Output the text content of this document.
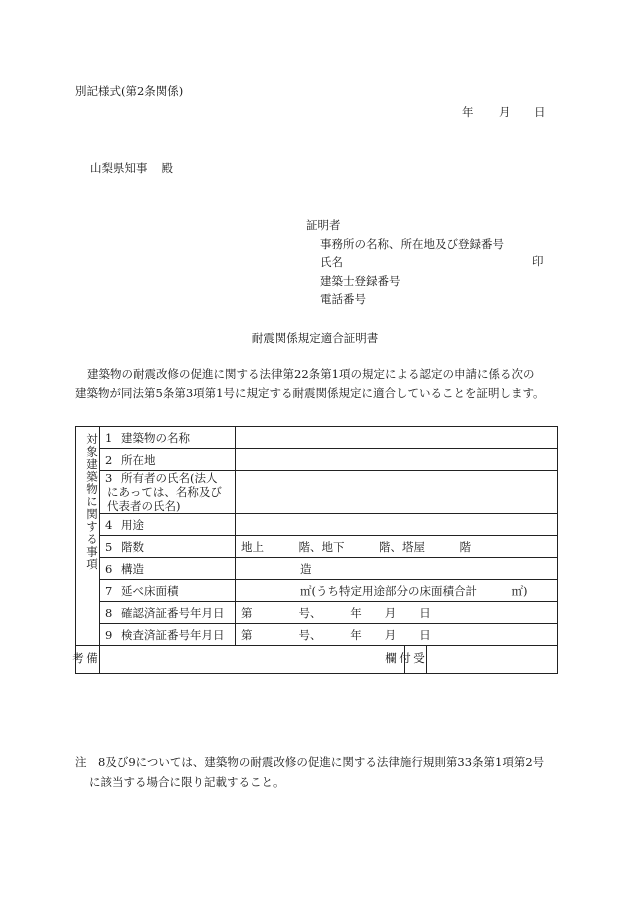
別記様式(第2条関係)
年 月 日
山梨県知事 殿
証明者
事務所の名称、所在地及び登録番号
氏名
建築士登録番号
電話番号
印
耐震関係規定適合証明書
建築物の耐震改修の促進に関する法律第22条第1項の規定による認定の申請に係る次の
建築物が同法第5条第3項第1号に規定する耐震関係規定に適合していることを証明します。
対象建築物に関する事項	1 建築物の名称			

	2 所在地			

	3 所有者の氏名(法人
にあっては、名称及び
代表者の氏名)			

	4 用途			

	5 階数	地上　　　階、地下　　　階、塔屋　　　階		

	6 構造	造		

	7 延べ床面積	㎡(うち特定用途部分の床面積合計　　　㎡)		

	8 確認済証番号年月日	第　　　　号、　　　年　　月　　日		

	9 検査済証番号年月日	第　　　　号、　　　年　　月　　日		
備考			受付欄	
注　8及び9については、建築物の耐震改修の促進に関する法律施行規則第33条第1項第2号
に該当する場合に限り記載すること。
